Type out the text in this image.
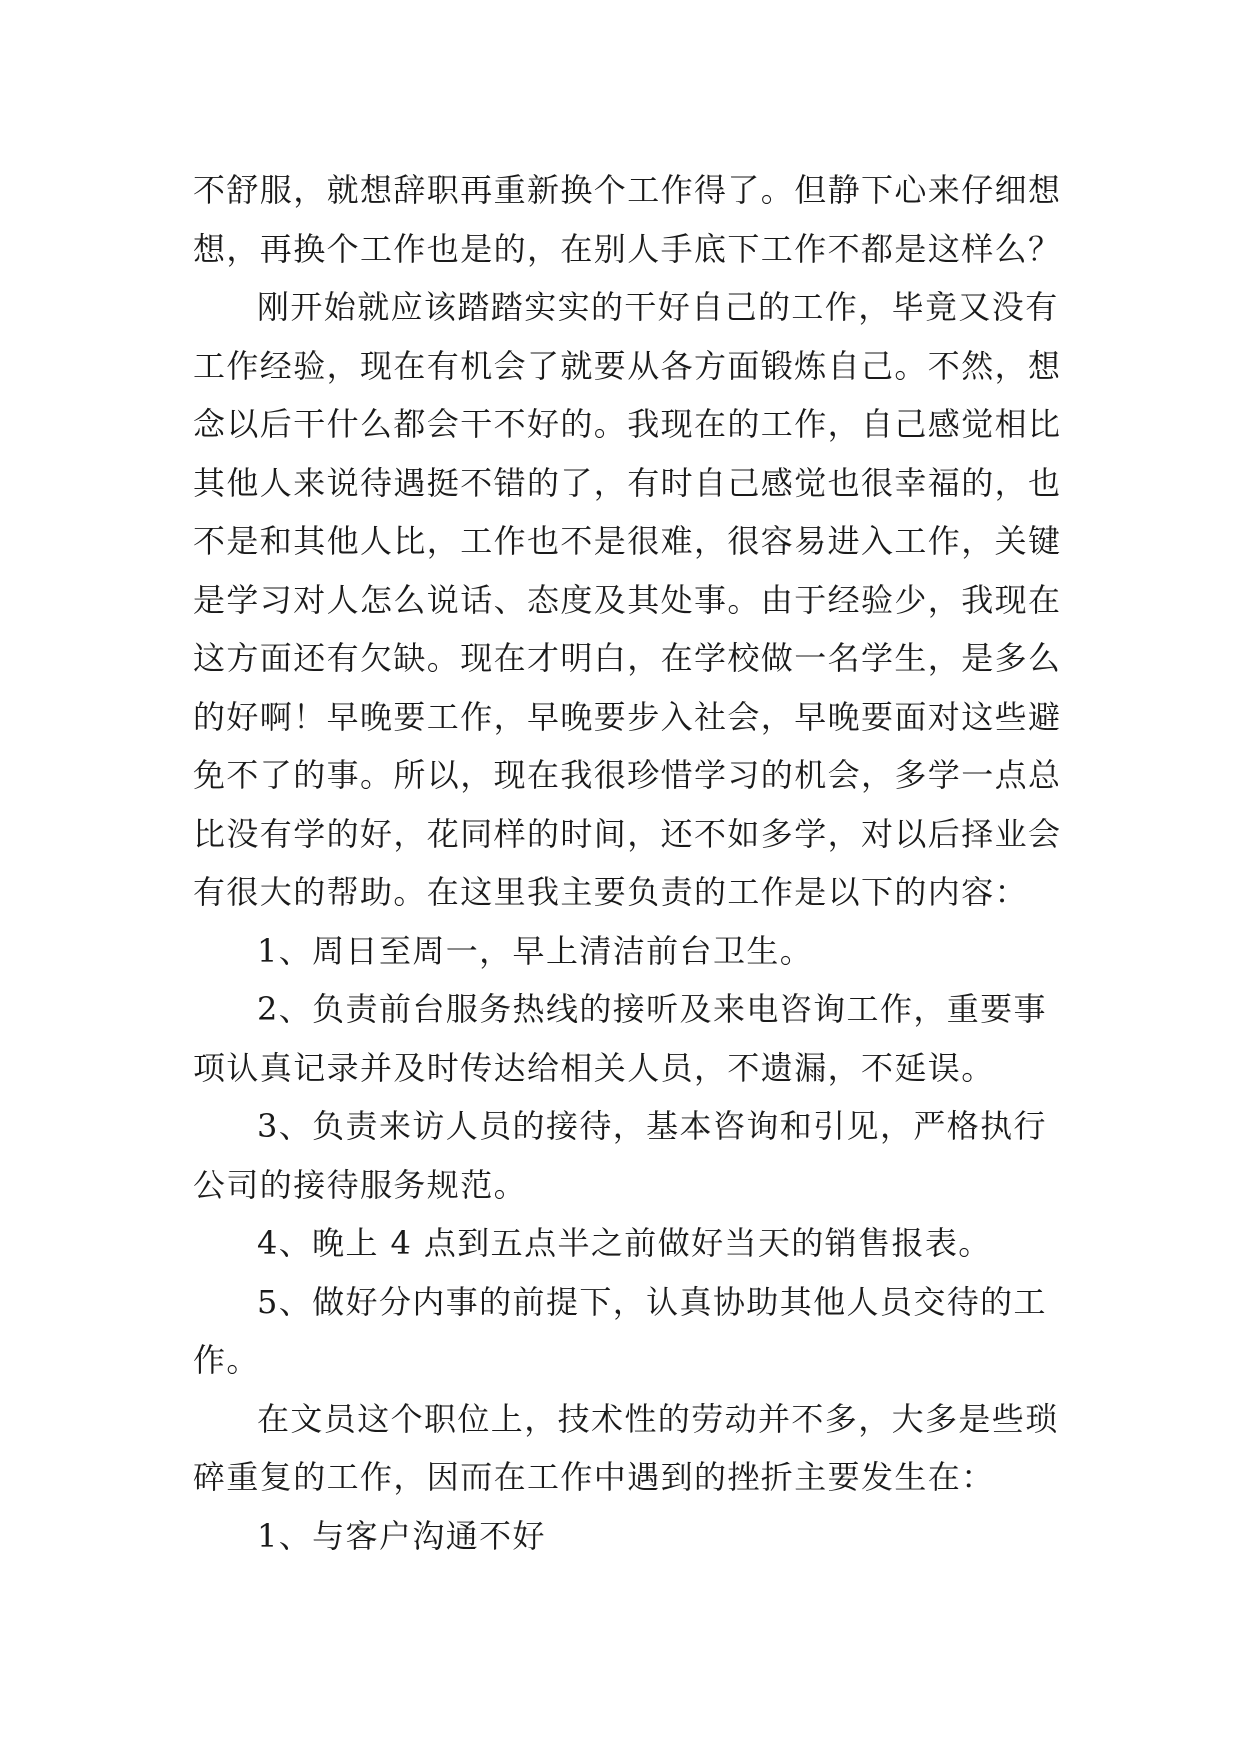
不舒服，就想辞职再重新换个工作得了。但静下心来仔细想
想，再换个工作也是的，在别人手底下工作不都是这样么？
刚开始就应该踏踏实实的干好自己的工作，毕竟又没有
工作经验，现在有机会了就要从各方面锻炼自己。不然，想
念以后干什么都会干不好的。我现在的工作，自己感觉相比
其他人来说待遇挺不错的了，有时自己感觉也很幸福的，也
不是和其他人比，工作也不是很难，很容易进入工作，关键
是学习对人怎么说话、态度及其处事。由于经验少，我现在
这方面还有欠缺。现在才明白，在学校做一名学生，是多么
的好啊！早晚要工作，早晚要步入社会，早晚要面对这些避
免不了的事。所以，现在我很珍惜学习的机会，多学一点总
比没有学的好，花同样的时间，还不如多学，对以后择业会
有很大的帮助。在这里我主要负责的工作是以下的内容：
1、周日至周一，早上清洁前台卫生。
2、负责前台服务热线的接听及来电咨询工作，重要事
项认真记录并及时传达给相关人员，不遗漏，不延误。
3、负责来访人员的接待，基本咨询和引见，严格执行
公司的接待服务规范。
4、晚上 4 点到五点半之前做好当天的销售报表。
5、做好分内事的前提下，认真协助其他人员交待的工
作。
在文员这个职位上，技术性的劳动并不多，大多是些琐
碎重复的工作，因而在工作中遇到的挫折主要发生在：
1、与客户沟通不好
